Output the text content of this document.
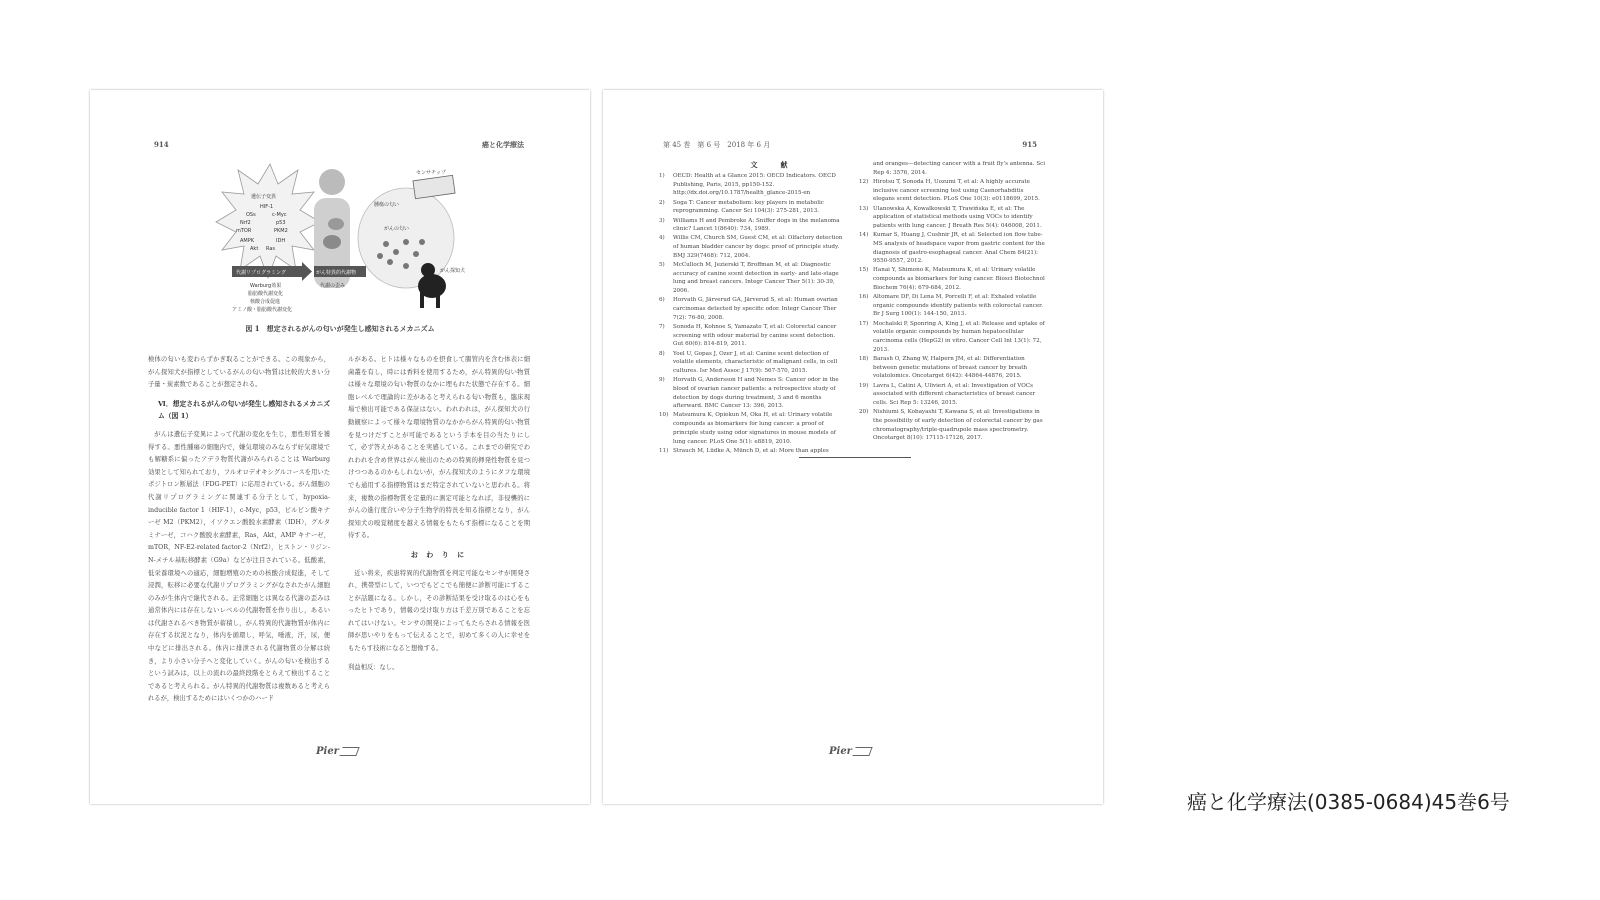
914	癌と化学療法
遺伝子変異
HIF-1
OSs	c-Myc
Nrf2	p53
mTOR	PKM2
AMPK	IDH
Akt Ras
腫瘍の匂い
がんの匂い
センサチップ
がん探知犬
代謝リプログラミング	がん特異的代謝物
代謝の歪み
Warburg効果
脂肪酸代謝変化
核酸合成促進
アミノ酸・脂肪酸代謝変化
図 1　想定されるがんの匂いが発生し感知されるメカニズム

検体の匂いも変わらずかぎ取ることができる。この現象から，がん探知犬が指標としているがんの匂い物質は比較的大きい分子量・炭素数であることが想定される。

Ⅵ．想定されるがんの匂いが発生し感知されるメカニズム（図 1）

がんは遺伝子変異によって代謝の変化を生じ，悪性形質を獲得する。悪性腫瘍の細胞内で，嫌気環境のみならず好気環境でも解糖系に偏ったアデラ物質代謝がみられることは Warburg 効果として知られており，フルオロデオキシグルコースを用いたポジトロン断層法（FDG-PET）に応用されている。がん細胞の代謝リプログラミングに関連する分子として，hypoxia-inducible factor 1（HIF-1），c-Myc，p53，ピルビン酸キナーゼ M2（PKM2），イソクエン酸脱水素酵素（IDH），グルタミナーゼ，コハク酸脱水素酵素，Ras，Akt，AMP キナーゼ，mTOR，NF-E2-related factor-2（Nrf2），ヒストン・リジン-N-メチル基転移酵素（G9a）などが注目されている。低酸素，低栄養環境への適応，細胞増殖のための核酸合成促進，そして浸潤，転移に必要な代謝リプログラミングがなされたがん細胞のみが生体内で継代される。正常細胞とは異なる代謝の歪みは通常体内には存在しないレベルの代謝物質を作り出し，あるいは代謝されるべき物質が蓄積し，がん特異的代謝物質が体内に存在する状況となり，体内を循環し，呼気，唾液，汗，尿，便中などに排出される。体内に排泄される代謝物質の分解は続き，より小さい分子へと変化していく。がんの匂いを検出するという試みは，以上の流れの最終段階をとらえて検出することであると考えられる。がん特異的代謝物質は複数あると考えられるが，検出するためにはいくつかのハード

ルがある。ヒトは様々なものを摂食して腸管内を含む体表に細菌叢を有し，時には香料を使用するため，がん特異的匂い物質は様々な環境の匂い物質のなかに埋もれた状態で存在する。細胞レベルで理論的に差があると考えられる匂い物質も，臨床現場で検出可能である保証はない。われわれは，がん探知犬の行動観察によって様々な環境物質のなかからがん特異的匂い物質を見つけだすことが可能であるという手本を目の当たりにして，必ず答えがあることを実感している。これまでの研究でわれわれを含め世界はがん検出のための特異的揮発性物質を見つけつつあるのかもしれないが，がん探知犬のようにタフな環境でも通用する指標物質はまだ特定されていないと思われる。将来，複数の指標物質を定量的に測定可能となれば，非侵襲的にがんの進行度合いや分子生物学的特長を知る指標となり，がん探知犬の嗅覚精度を越える情報をもたらす指標になることを期待する。

お わ り に

近い将来，疾患特異的代謝物質を判定可能なセンサが開発され，携帯型にして，いつでもどこでも簡便に診断可能にすることが話題になる。しかし，その診断結果を受け取るのは心をもったヒトであり，情報の受け取り方は千差万別であることを忘れてはいけない。センサの開発によってもたらされる情報を医師が思いやりをもって伝えることで，初めて多くの人に幸せをもたらす技術になると想像する。

利益相反：なし。

Pier
第 45 巻　第 6 号　2018 年 6 月	915
文　献
1) OECD: Health at a Glance 2015: OECD Indicators. OECD Publishing, Paris, 2015, pp150-152. http://dx.doi.org/10.1787/health_glance-2015-en
2) Soga T: Cancer metabolism: key players in metabolic reprogramming. Cancer Sci 104(3): 275-281, 2013.
3) Williams H and Pembroke A: Sniffer dogs in the melanoma clinic? Lancet 1(8640): 734, 1989.
4) Willis CM, Church SM, Guest CM, et al: Olfactory detection of human bladder cancer by dogs: proof of principle study. BMJ 329(7468): 712, 2004.
5) McCulloch M, Jezierski T, Broffman M, et al: Diagnostic accuracy of canine scent detection in early- and late-stage lung and breast cancers. Integr Cancer Ther 5(1): 30-39, 2006.
6) Horvath G, Järverud GA, Järverud S, et al: Human ovarian carcinomas detected by specific odor. Integr Cancer Ther 7(2): 76-80, 2008.
7) Sonoda H, Kohnoe S, Yamazato T, et al: Colorectal cancer screening with odour material by canine scent detection. Gut 60(6): 814-819, 2011.
8) Yoel U, Gopas J, Ozer J, et al: Canine scent detection of volatile elements, characteristic of malignant cells, in cell cultures. Isr Med Assoc J 17(9): 567-570, 2015.
9) Horvath G, Andersson H and Nemes S: Cancer odor in the blood of ovarian cancer patients: a retrospective study of detection by dogs during treatment, 3 and 6 months afterward. BMC Cancer 13: 396, 2013.
10) Matsumura K, Opiekun M, Oka H, et al: Urinary volatile compounds as biomarkers for lung cancer: a proof of principle study using odor signatures in mouse models of lung cancer. PLoS One 5(1): e8819, 2010.
11) Strauch M, Lüdke A, Münch D, et al: More than apples
and oranges—detecting cancer with a fruit fly's antenna. Sci Rep 4: 3576, 2014.
12) Hirotsu T, Sonoda H, Uozumi T, et al: A highly accurate inclusive cancer screening test using Caenorhabditis elegans scent detection. PLoS One 10(3): e0118699, 2015.
13) Ulanowska A, Kowalkowski T, Trawińska E, et al: The application of statistical methods using VOCs to identify patients with lung cancer. J Breath Res 5(4): 046008, 2011.
14) Kumar S, Huang J, Cushnir JR, et al: Selected ion flow tube-MS analysis of headspace vapor from gastric content for the diagnosis of gastro-esophageal cancer. Anal Chem 84(21): 9550-9557, 2012.
15) Hanai Y, Shimono K, Matsumura K, et al: Urinary volatile compounds as biomarkers for lung cancer. Biosci Biotechnol Biochem 76(4): 679-684, 2012.
16) Altomare DF, Di Lena M, Porcelli F, et al: Exhaled volatile organic compounds identify patients with colorectal cancer. Br J Surg 100(1): 144-150, 2013.
17) Mochalski P, Sponring A, King J, et al: Release and uptake of volatile organic compounds by human hepatocellular carcinoma cells (HepG2) in vitro. Cancer Cell Int 13(1): 72, 2013.
18) Barash O, Zhang W, Halpern JM, et al: Differentiation between genetic mutations of breast cancer by breath volatolomics. Oncotarget 6(42): 44864-44876, 2015.
19) Lavra L, Catini A, Ulivieri A, et al: Investigation of VOCs associated with different characteristics of breast cancer cells. Sci Rep 5: 13246, 2015.
20) Nishiumi S, Kobayashi T, Kawana S, et al: Investigations in the possibility of early detection of colorectal cancer by gas chromatography/triple-quadrupole mass spectrometry. Oncotarget 8(10): 17115-17126, 2017.
Pier
癌と化学療法(0385-0684)45巻6号
